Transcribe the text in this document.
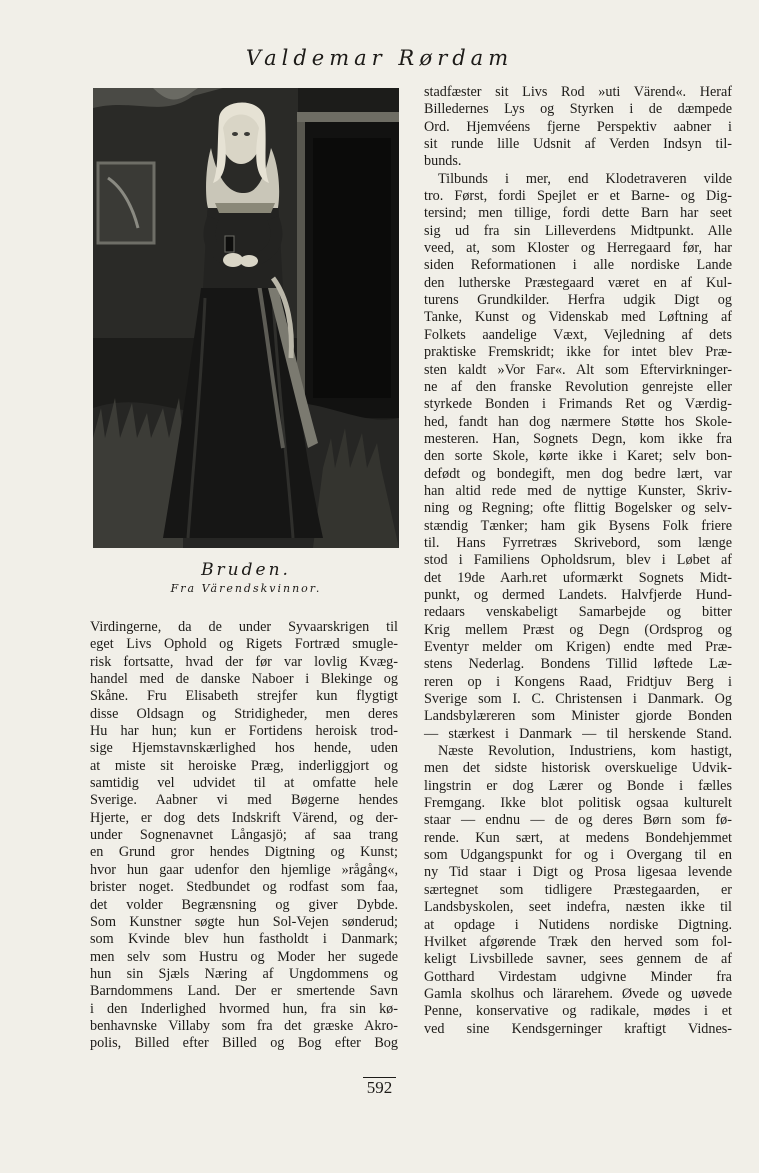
Valdemar Rørdam
Bruden.
Fra Värendskvinnor.
Virdingerne, da de under Syvaarskrigen til
eget Livs Ophold og Rigets Fortræd smugle-
risk fortsatte, hvad der før var lovlig Kvæg-
handel med de danske Naboer i Blekinge og
Skåne. Fru Elisabeth strejfer kun flygtigt
disse Oldsagn og Stridigheder, men deres
Hu har hun; kun er Fortidens heroisk trod-
sige Hjemstavnskærlighed hos hende, uden
at miste sit heroiske Præg, inderliggjort og
samtidig vel udvidet til at omfatte hele
Sverige. Aabner vi med Bøgerne hendes
Hjerte, er dog dets Indskrift Värend, og der-
under Sognenavnet Långasjö; af saa trang
en Grund gror hendes Digtning og Kunst;
hvor hun gaar udenfor den hjemlige »rågång«,
brister noget. Stedbundet og rodfast som faa,
det volder Begrænsning og giver Dybde.
Som Kunstner søgte hun Sol-Vejen sønderud;
som Kvinde blev hun fastholdt i Danmark;
men selv som Hustru og Moder her sugede
hun sin Sjæls Næring af Ungdommens og
Barndommens Land. Der er smertende Savn
i den Inderlighed hvormed hun, fra sin kø-
benhavnske Villaby som fra det græske Akro-
polis, Billed efter Billed og Bog efter Bog
stadfæster sit Livs Rod »uti Värend«. Heraf
Billedernes Lys og Styrken i de dæmpede
Ord. Hjemvéens fjerne Perspektiv aabner i
sit runde lille Udsnit af Verden Indsyn til-
bunds.
Tilbunds i mer, end Klodetraveren vilde
tro. Først, fordi Spejlet er et Barne- og Dig-
tersind; men tillige, fordi dette Barn har seet
sig ud fra sin Lilleverdens Midtpunkt. Alle
veed, at, som Kloster og Herregaard før, har
siden Reformationen i alle nordiske Lande
den lutherske Præstegaard været en af Kul-
turens Grundkilder. Herfra udgik Digt og
Tanke, Kunst og Videnskab med Løftning af
Folkets aandelige Væxt, Vejledning af dets
praktiske Fremskridt; ikke for intet blev Præ-
sten kaldt »Vor Far«. Alt som Eftervirkninger-
ne af den franske Revolution genrejste eller
styrkede Bonden i Frimands Ret og Værdig-
hed, fandt han dog nærmere Støtte hos Skole-
mesteren. Han, Sognets Degn, kom ikke fra
den sorte Skole, kørte ikke i Karet; selv bon-
defødt og bondegift, men dog bedre lært, var
han altid rede med de nyttige Kunster, Skriv-
ning og Regning; ofte flittig Bogelsker og selv-
stændig Tænker; ham gik Bysens Folk friere
til. Hans Fyrretræs Skrivebord, som længe
stod i Familiens Opholdsrum, blev i Løbet af
det 19de Aarh.ret uformærkt Sognets Midt-
punkt, og dermed Landets. Halvfjerde Hund-
redaars venskabeligt Samarbejde og bitter
Krig mellem Præst og Degn (Ordsprog og
Eventyr melder om Krigen) endte med Præ-
stens Nederlag. Bondens Tillid løftede Læ-
reren op i Kongens Raad, Fridtjuv Berg i
Sverige som I. C. Christensen i Danmark. Og
Landsbylæreren som Minister gjorde Bonden
— stærkest i Danmark — til herskende Stand.
Næste Revolution, Industriens, kom hastigt,
men det sidste historisk overskuelige Udvik-
lingstrin er dog Lærer og Bonde i fælles
Fremgang. Ikke blot politisk ogsaa kulturelt
staar — endnu — de og deres Børn som fø-
rende. Kun sært, at medens Bondehjemmet
som Udgangspunkt for og i Overgang til en
ny Tid staar i Digt og Prosa ligesaa levende
særtegnet som tidligere Præstegaarden, er
Landsbyskolen, seet indefra, næsten ikke til
at opdage i Nutidens nordiske Digtning.
Hvilket afgørende Træk den herved som fol-
keligt Livsbillede savner, sees gennem de af
Gotthard Virdestam udgivne Minder fra
Gamla skolhus och lärarehem. Øvede og uøvede
Penne, konservative og radikale, mødes i et
ved sine Kendsgerninger kraftigt Vidnes-
592
